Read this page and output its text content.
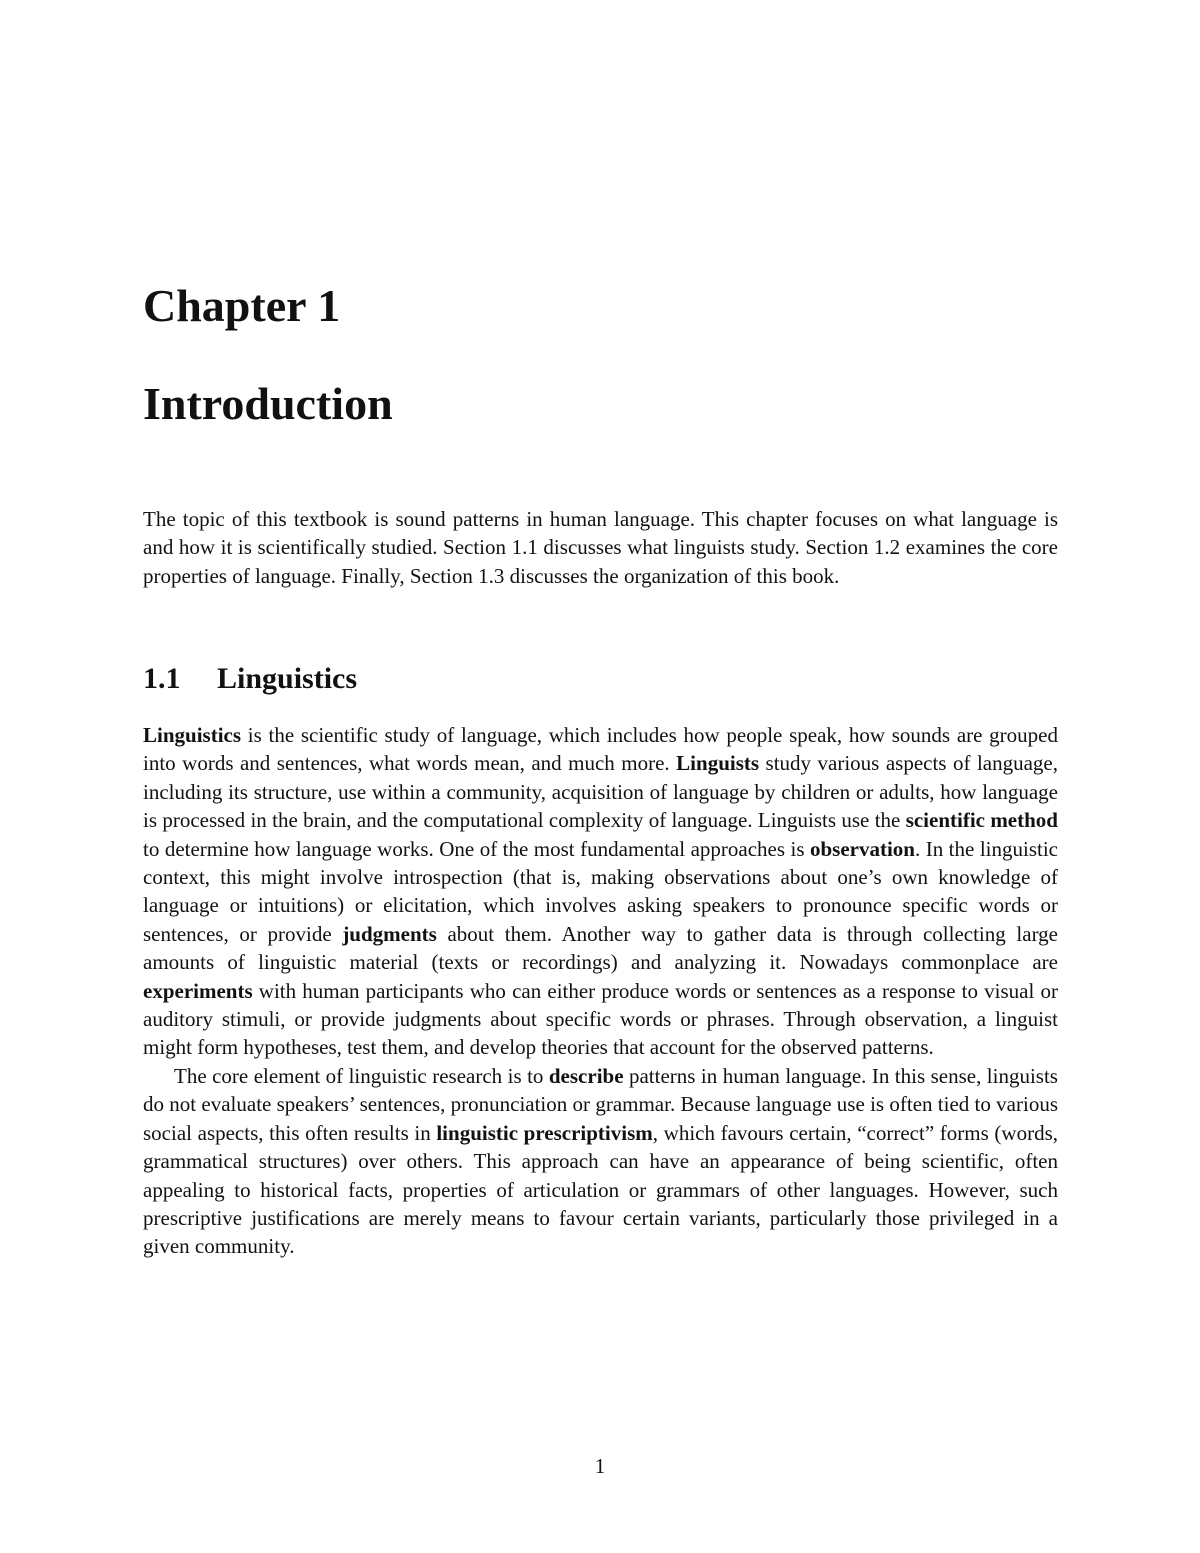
Chapter 1
Introduction

The topic of this textbook is sound patterns in human language. This chapter focuses on what language is and how it is scientifically studied. Section 1.1 discusses what linguists study. Section 1.2 examines the core properties of language. Finally, Section 1.3 discusses the organization of this book.

1.1 Linguistics

Linguistics is the scientific study of language, which includes how people speak, how sounds are grouped into words and sentences, what words mean, and much more. Linguists study various aspects of language, including its structure, use within a community, acquisition of language by children or adults, how language is processed in the brain, and the computational complexity of language. Linguists use the scientific method to determine how language works. One of the most fundamental approaches is observation. In the linguistic context, this might involve introspection (that is, making observations about one’s own knowledge of language or intuitions) or elicitation, which involves asking speakers to pronounce specific words or sentences, or provide judgments about them. Another way to gather data is through collecting large amounts of linguistic material (texts or recordings) and analyzing it. Nowadays commonplace are experiments with human participants who can either produce words or sentences as a response to visual or auditory stimuli, or provide judgments about specific words or phrases. Through observation, a linguist might form hypotheses, test them, and develop theories that account for the observed patterns.

The core element of linguistic research is to describe patterns in human language. In this sense, linguists do not evaluate speakers’ sentences, pronunciation or grammar. Because language use is often tied to various social aspects, this often results in linguistic prescriptivism, which favours certain, “correct” forms (words, grammatical structures) over others. This approach can have an appearance of being scientific, often appealing to historical facts, properties of articulation or grammars of other languages. However, such prescriptive justifications are merely means to favour certain variants, particularly those privileged in a given community.

1
